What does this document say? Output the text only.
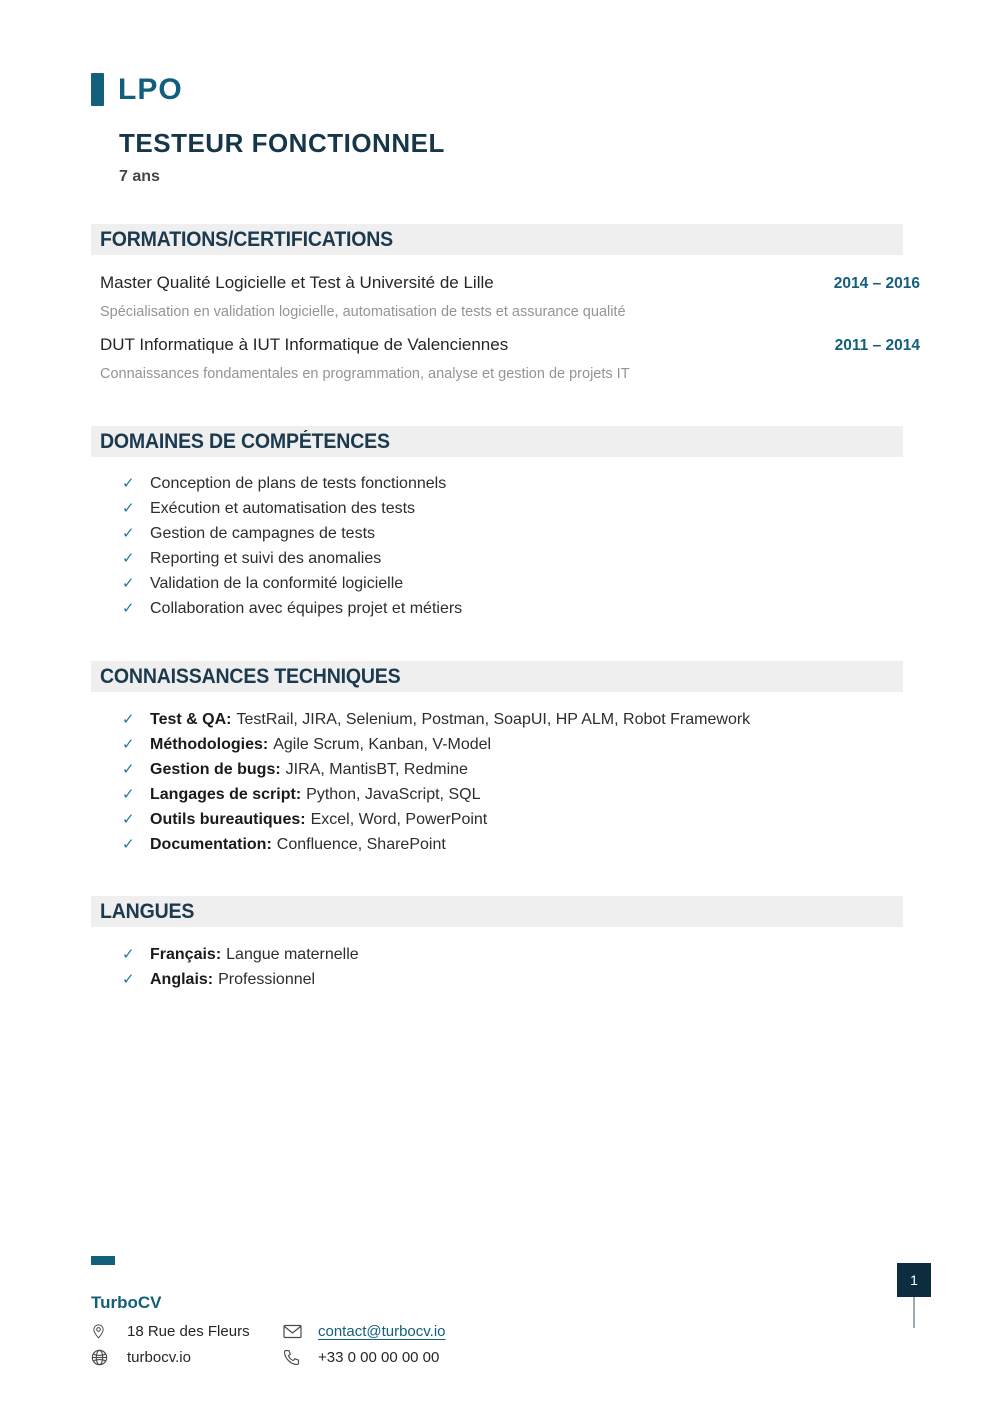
LPO
TESTEUR FONCTIONNEL
7 ans
FORMATIONS/CERTIFICATIONS
Master Qualité Logicielle et Test à Université de Lille	2014 – 2016
Spécialisation en validation logicielle, automatisation de tests et assurance qualité
DUT Informatique à IUT Informatique de Valenciennes	2011 – 2014
Connaissances fondamentales en programmation, analyse et gestion de projets IT
DOMAINES DE COMPÉTENCES
✓ Conception de plans de tests fonctionnels
✓ Exécution et automatisation des tests
✓ Gestion de campagnes de tests
✓ Reporting et suivi des anomalies
✓ Validation de la conformité logicielle
✓ Collaboration avec équipes projet et métiers
CONNAISSANCES TECHNIQUES
✓ Test & QA: TestRail, JIRA, Selenium, Postman, SoapUI, HP ALM, Robot Framework
✓ Méthodologies: Agile Scrum, Kanban, V-Model
✓ Gestion de bugs: JIRA, MantisBT, Redmine
✓ Langages de script: Python, JavaScript, SQL
✓ Outils bureautiques: Excel, Word, PowerPoint
✓ Documentation: Confluence, SharePoint
LANGUES
✓ Français: Langue maternelle
✓ Anglais: Professionnel
TurboCV
18 Rue des Fleurs	contact@turbocv.io
turbocv.io	+33 0 00 00 00 00
1
